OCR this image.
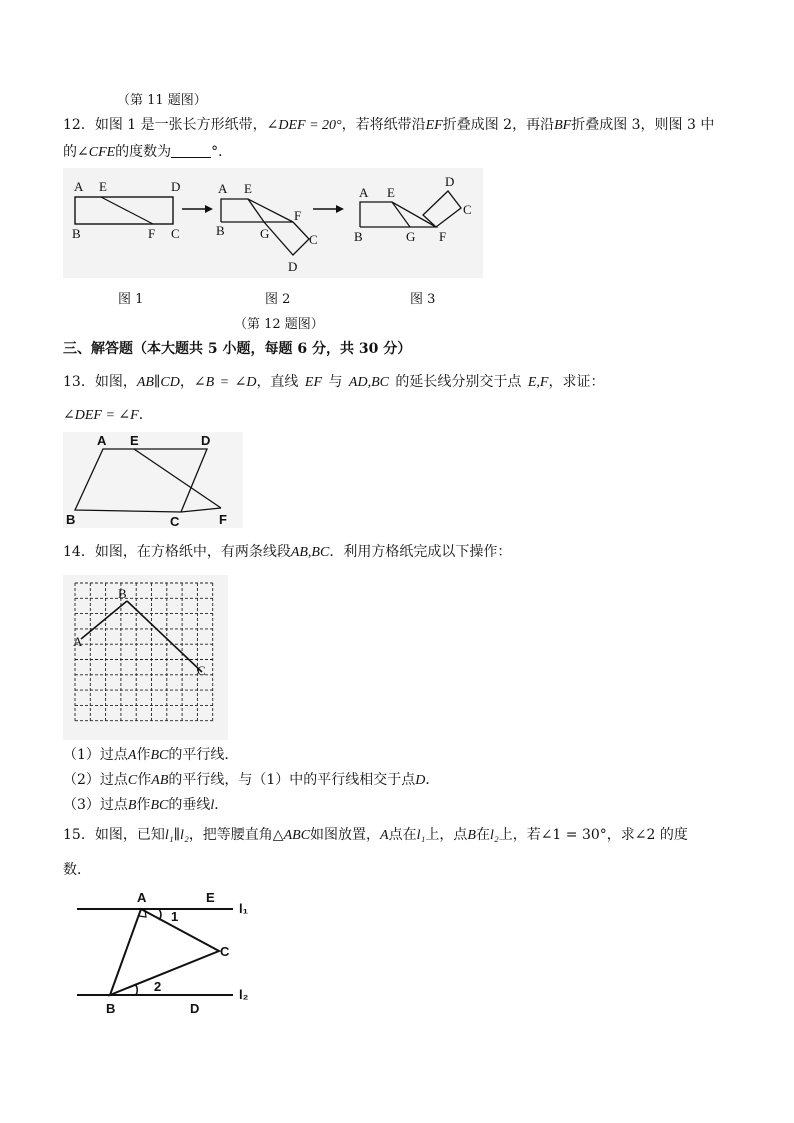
（第 11 题图）
12．如图 1 是一张长方形纸带，∠DEF = 20°，若将纸带沿EF折叠成图 2，再沿BF折叠成图 3，则图 3 中
的∠CFE的度数为	°．
A E	D
B	F C
A E
F
B	G	C
D
A E
D
C
B	G F
图 1	图 2	图 3
（第 12 题图）
三、解答题（本大题共 5 小题，每题 6 分，共 30 分）
13．如图，AB∥CD，∠B = ∠D，直线 EF 与 AD,BC 的延长线分别交于点 E,F，求证：
∠DEF = ∠F．
A E	D
B	C	F
14．如图，在方格纸中，有两条线段AB,BC．利用方格纸完成以下操作：
A
B
C
（1）过点A作BC的平行线．
（2）过点C作AB的平行线，与（1）中的平行线相交于点D．
（3）过点B作BC的垂线l．
15．如图，已知l₁∥l₂，把等腰直角△ABC如图放置，A点在l₁上，点B在l₂上，若∠1 = 30°，求∠2 的度
数．
A	E
l₁
1
C
2
B	D
l₂
